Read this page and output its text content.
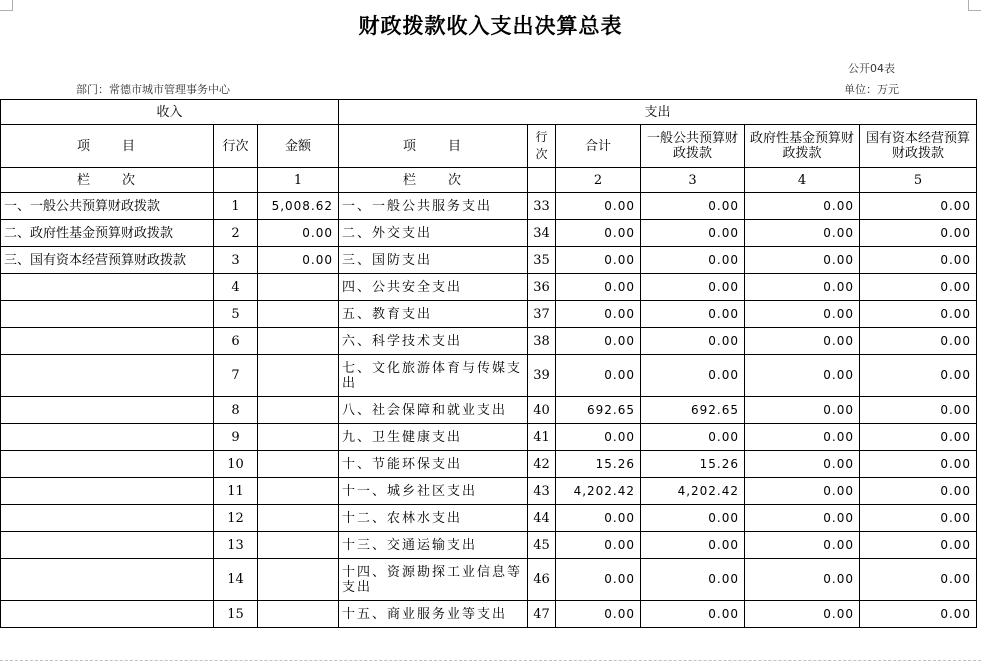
财政拨款收入支出决算总表
公开04表
部门：常德市城市管理事务中心	单位：万元
收入			支出					
项　　目	行次	金额	项　　目	行次	合计	一般公共预算财政拨款	政府性基金预算财政拨款	国有资本经营预算财政拨款
栏　　次		1	栏　　次		2	3	4	5
一、一般公共预算财政拨款	1	5,008.62	一、一般公共服务支出	33	0.00	0.00	0.00	0.00
二、政府性基金预算财政拨款	2	0.00	二、外交支出	34	0.00	0.00	0.00	0.00
三、国有资本经营预算财政拨款	3	0.00	三、国防支出	35	0.00	0.00	0.00	0.00
	4		四、公共安全支出	36	0.00	0.00	0.00	0.00
	5		五、教育支出	37	0.00	0.00	0.00	0.00
	6		六、科学技术支出	38	0.00	0.00	0.00	0.00
	7		七、文化旅游体育与传媒支出	39	0.00	0.00	0.00	0.00
	8		八、社会保障和就业支出	40	692.65	692.65	0.00	0.00
	9		九、卫生健康支出	41	0.00	0.00	0.00	0.00
	10		十、节能环保支出	42	15.26	15.26	0.00	0.00
	11		十一、城乡社区支出	43	4,202.42	4,202.42	0.00	0.00
	12		十二、农林水支出	44	0.00	0.00	0.00	0.00
	13		十三、交通运输支出	45	0.00	0.00	0.00	0.00
	14		十四、资源勘探工业信息等支出	46	0.00	0.00	0.00	0.00
	15		十五、商业服务业等支出	47	0.00	0.00	0.00	0.00
